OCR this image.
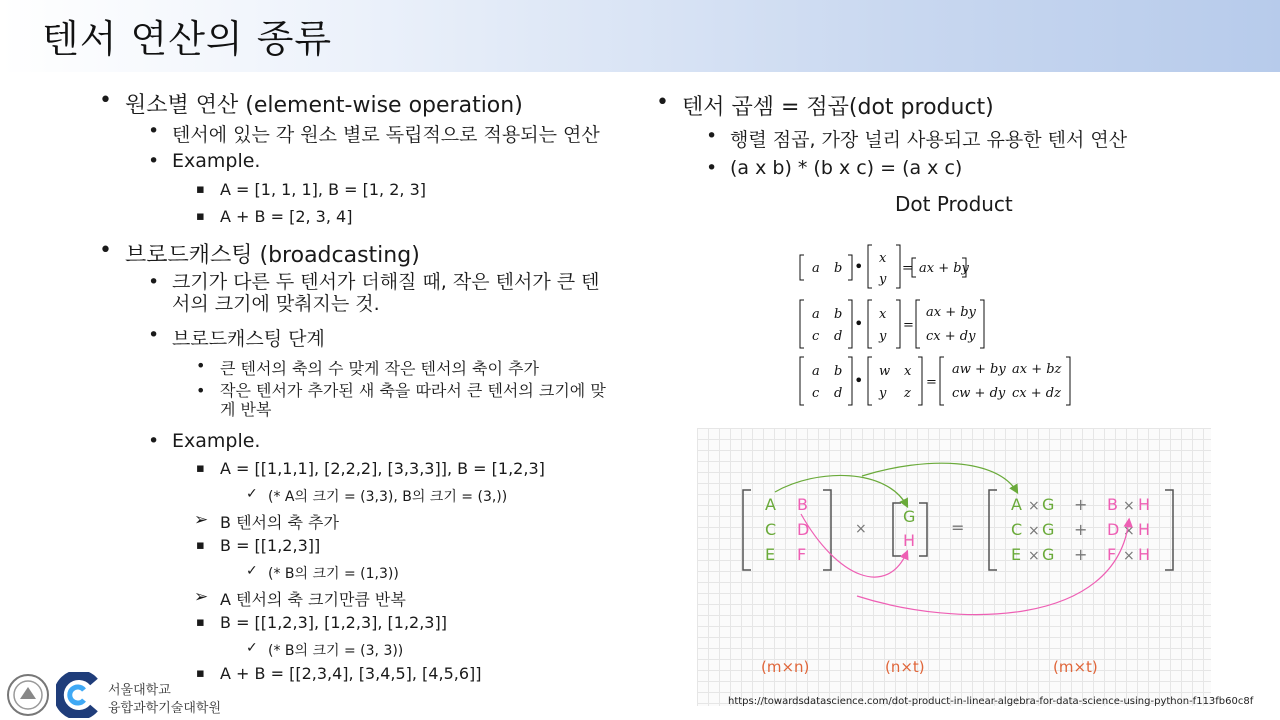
텐서 연산의 종류
• 원소별 연산 (element-wise operation)
• 텐서에 있는 각 원소 별로 독립적으로 적용되는 연산
• Example.
▪ A = [1, 1, 1], B = [1, 2, 3]
▪ A + B = [2, 3, 4]
• 브로드캐스팅 (broadcasting)
• 크기가 다른 두 텐서가 더해질 때, 작은 텐서가 큰 텐서의 크기에 맞춰지는 것.
• 브로드캐스팅 단계
• 큰 텐서의 축의 수 맞게 작은 텐서의 축이 추가
• 작은 텐서가 추가된 새 축을 따라서 큰 텐서의 크기에 맞게 반복
• Example.
▪ A = [[1,1,1], [2,2,2], [3,3,3]], B = [1,2,3]
✓ (* A의 크기 = (3,3), B의 크기 = (3,))
➢ B 텐서의 축 추가
▪ B = [[1,2,3]]
✓ (* B의 크기 = (1,3))
➢ A 텐서의 축 크기만큼 반복
▪ B = [[1,2,3], [1,2,3], [1,2,3]]
✓ (* B의 크기 = (3, 3))
▪ A + B = [[2,3,4], [3,4,5], [4,5,6]]
• 텐서 곱셈 = 점곱(dot product)
• 행렬 점곱, 가장 널리 사용되고 유용한 텐서 연산
• (a x b) * (b x c) = (a x c)
Dot Product
a b • x
y
= ax + by
a b
c d
• x
y
=
ax + by
cx + dy
a b
c d
• w x
y z
=
aw + by ax + bz
cw + dy cx + dz
A B
C D
E F
×
G
H
=
A × G + B × H
C × G + D × H
E × G + F × H
(m×n)	(n×t)	(m×t)
https://towardsdatascience.com/dot-product-in-linear-algebra-for-data-science-using-python-f113fb60c8f
서울대학교
융합과학기술대학원
